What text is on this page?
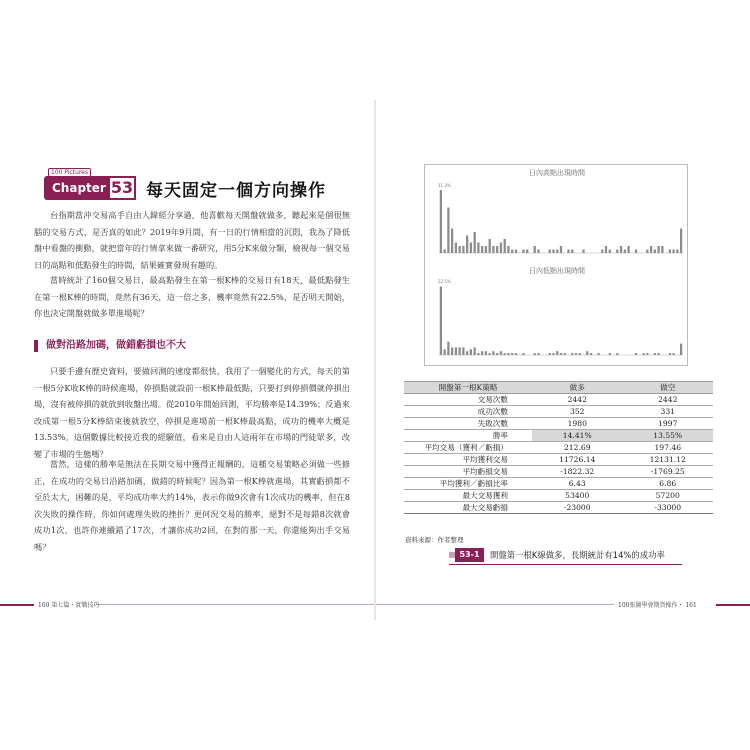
100 Pictures
Chapter 53 每天固定一個方向操作

台指期當沖交易高手自由人鍏經分享過，他喜歡每天開盤就做多，聽起來是個很無腦的交易方式，是否真的如此？2019年9月間，有一日的行情相當的沉悶，我為了降低盤中看盤的衝動，就把當年的行情拿來做一番研究，用5分K來做分類，檢視每一個交易日的高點和低點發生的時間，結果確實發現有趣的。

當時統計了160個交易日，最高點發生在第一根K棒的交易日有18天，最低點發生在第一根K棒的時間，竟然有36天，這一倍之多，機率竟然有22.5%，是否明天開始，你也決定開盤就做多單進場呢？

做對沿路加碼，做錯虧損也不大

只要手邊有歷史資料，要做回測的速度都很快，我用了一個變化的方式，每天的第一根5分K收K棒的時候進場，停損點就設前一根K棒最低點，只要打到停損價就停損出場，沒有被停損的就放到收盤出場。從2010年開始回測，平均勝率是14.39%；反過來改成第一根5分K棒結束後就放空，停損是進場前一根K棒最高點，成功的機率大概是13.53%。這個數據比較接近我的經驗值，看來是自由人這兩年在市場的門徒眾多，改變了市場的生態嗎？

當然，這樣的勝率是無法在長期交易中獲得正報酬的，這種交易策略必須做一些修正，在成功的交易日沿路加碼，做錯的時候呢？因為第一根K棒就進場，其實虧損都不至於太大，困難的是，平均成功率大約14%，表示你做9次會有1次成功的機率，但在8次失敗的操作時，你如何處理失敗的挫折？更何況交易的勝率，絕對不是每錯8次就會成功1次，也許你連續錯了17次，才讓你成功2回，在對的那一天，你還能夠出手交易嗎？

160 第七篇・實戰技巧
日內高點出現時間
日內低點出現時間
11.3%
22.5%
開盤第一根K策略	做多	做空
交易次數	2442	2442
成功次數	352	331
失敗次數	1980	1997
勝率	14.41%	13.55%
平均交易（獲利／虧損）	212.69	197.46
平均獲利交易	11726.14	12131.12
平均虧損交易	-1822.32	-1769.25
平均獲利／虧損比率	6.43	6.86
最大交易獲利	53400	57200
最大交易虧損	-23000	-33000
資料來源：作者整理
53-1	開盤第一根K線做多，長期統計有14%的成功率
100張圖學會期貨操作・ 161
